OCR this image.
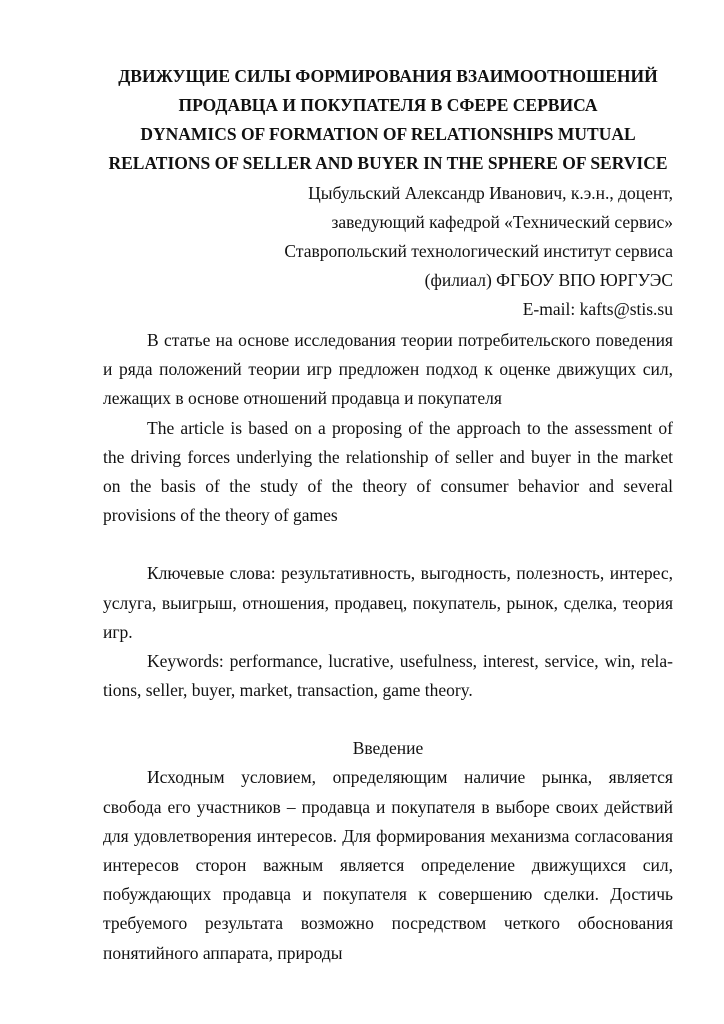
ДВИЖУЩИЕ СИЛЫ ФОРМИРОВАНИЯ ВЗАИМООТНОШЕНИЙ

ПРОДАВЦА И ПОКУПАТЕЛЯ В СФЕРЕ СЕРВИСА

DYNAMICS OF FORMATION OF RELATIONSHIPS MUTUAL

RELATIONS OF SELLER AND BUYER IN THE SPHERE OF SERVICE

Цыбульский Александр Иванович, к.э.н., доцент,
заведующий кафедрой «Технический сервис»
Ставропольский технологический институт сервиса
(филиал) ФГБОУ ВПО ЮРГУЭС
E-mail: kafts@stis.su

В статье на основе исследования теории потребительского поведения и ряда положений теории игр предложен подход к оценке движущих сил, лежащих в основе отношений продавца и покупателя

The article is based on a proposing of the approach to the assessment of the driving forces underlying the relationship of seller and buyer in the market on the basis of the study of the theory of consumer behavior and several provisions of the theory of games

Ключевые слова: результативность, выгодность, полезность, интерес, услуга, выигрыш, отношения, продавец, покупатель, рынок, сделка, теория игр.

Keywords: performance, lucrative, usefulness, interest, service, win, relations, seller, buyer, market, transaction, game theory.

Введение

Исходным условием, определяющим наличие рынка, является свобода его участников – продавца и покупателя в выборе своих действий для удовлетворения интересов. Для формирования механизма согласования интересов сторон важным является определение движущихся сил, побуждающих продавца и покупателя к совершению сделки. Достичь требуемого результата возможно посредством четкого обоснования понятийного аппарата, природы
